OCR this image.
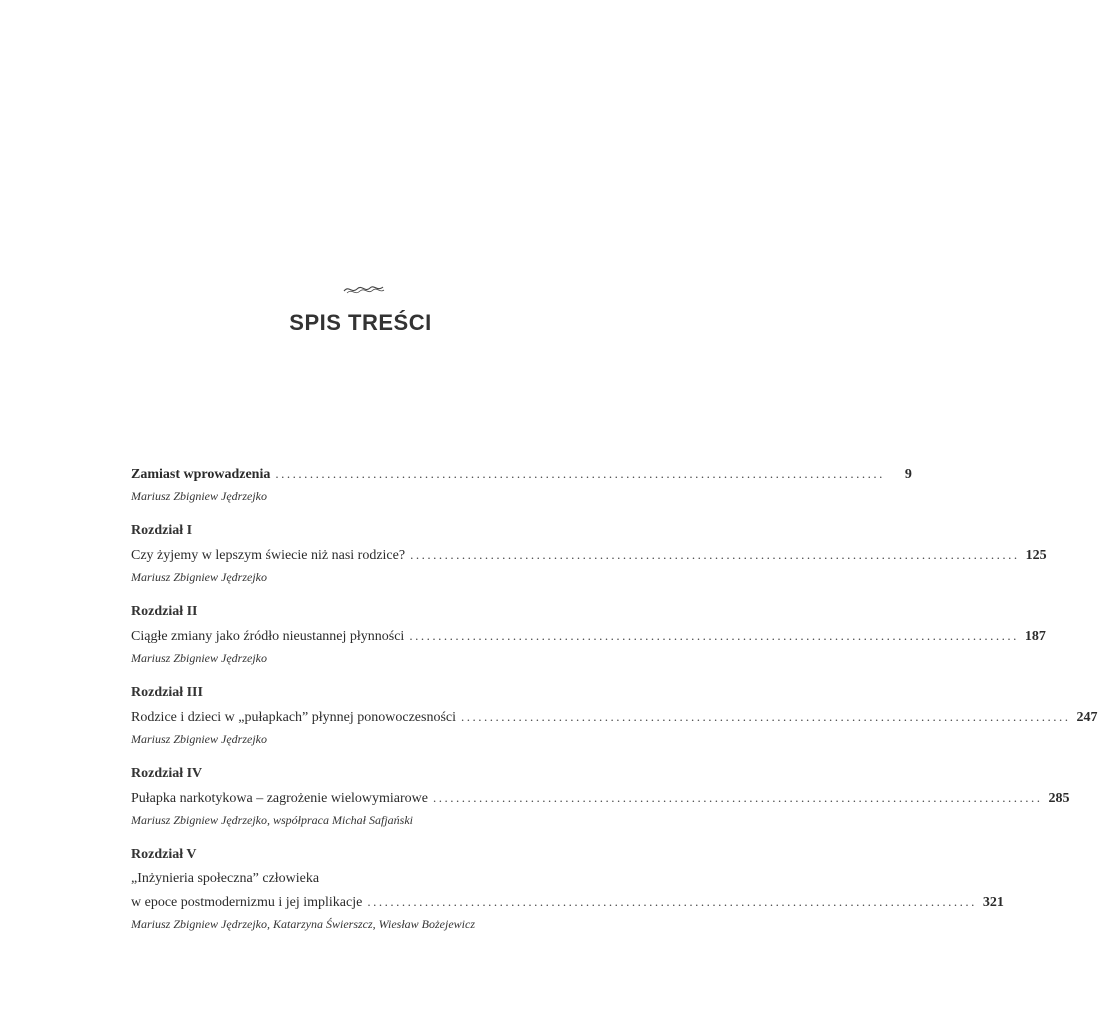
SPIS TREŚCI
Zamiast wprowadzenia ..........................................................................................................	9
Mariusz Zbigniew Jędrzejko
Rozdział I
Czy żyjemy w lepszym świecie niż nasi rodzice? .......................................................................................................... 125
Mariusz Zbigniew Jędrzejko
Rozdział II
Ciągłe zmiany jako źródło nieustannej płynności .......................................................................................................... 187
Mariusz Zbigniew Jędrzejko
Rozdział III
Rodzice i dzieci w „pułapkach” płynnej ponowoczesności .......................................................................................................... 247
Mariusz Zbigniew Jędrzejko
Rozdział IV
Pułapka narkotykowa – zagrożenie wielowymiarowe .......................................................................................................... 285
Mariusz Zbigniew Jędrzejko, współpraca Michał Safjański
Rozdział V
„Inżynieria społeczna” człowieka
w epoce postmodernizmu i jej implikacje .......................................................................................................... 321
Mariusz Zbigniew Jędrzejko, Katarzyna Świerszcz, Wiesław Bożejewicz
